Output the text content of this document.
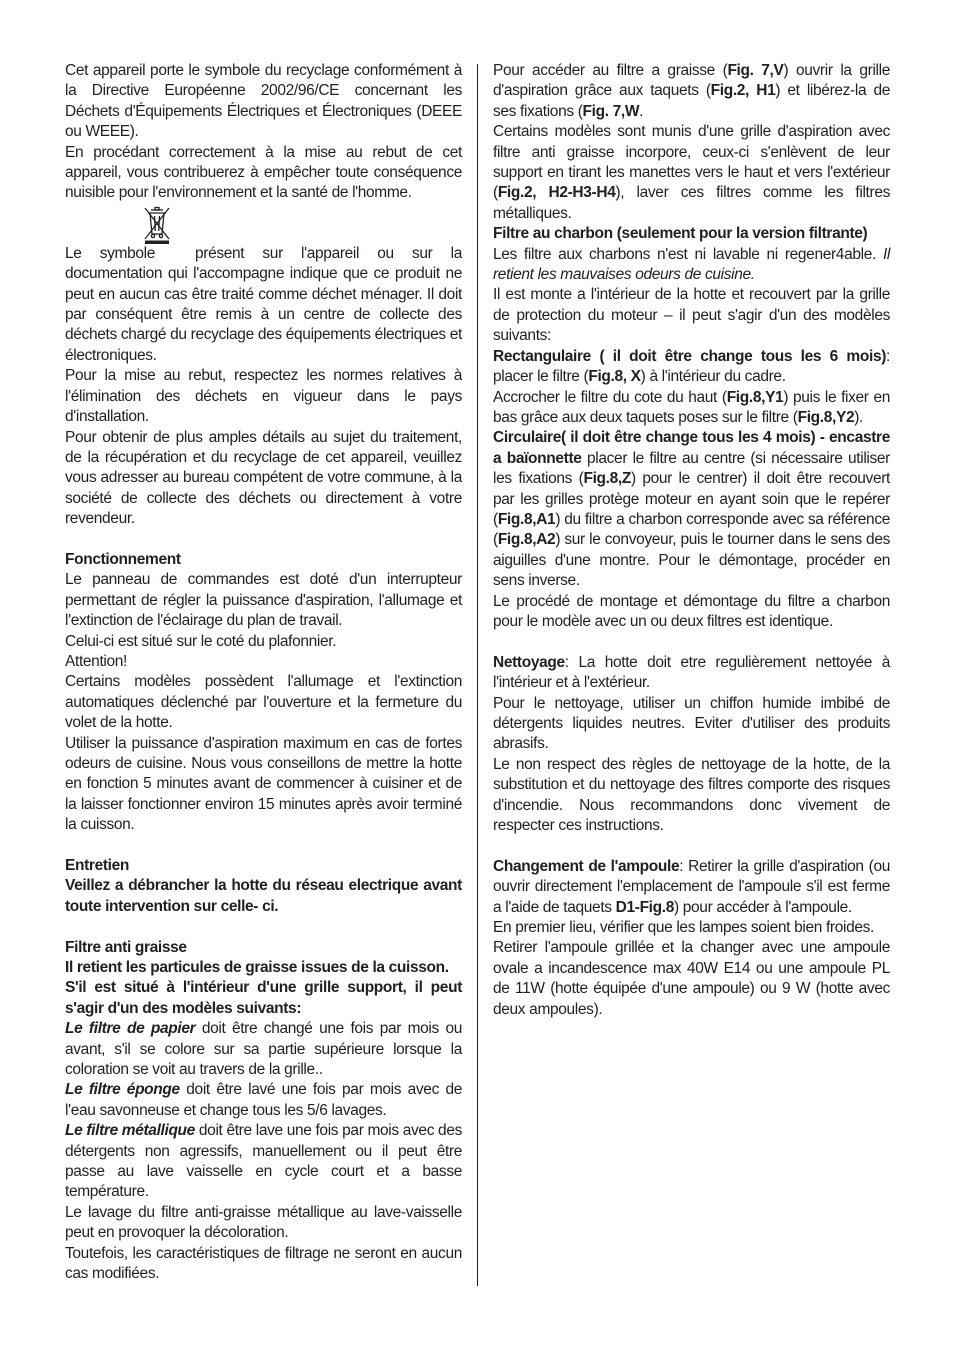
Cet appareil porte le symbole du recyclage conformément à la Directive Européenne 2002/96/CE concernant les Déchets d'Équipements Électriques et Électroniques (DEEE ou WEEE).

En procédant correctement à la mise au rebut de cet appareil, vous contribuerez à empêcher toute conséquence nuisible pour l'environnement et la santé de l'homme.

Le symbole	présent sur l'appareil ou sur la documentation qui l'accompagne indique que ce produit ne peut en aucun cas être traité comme déchet ménager. Il doit par conséquent être remis à un centre de collecte des déchets chargé du recyclage des équipements électriques et électroniques.

Pour la mise au rebut, respectez les normes relatives à l'élimination des déchets en vigueur dans le pays d'installation.

Pour obtenir de plus amples détails au sujet du traitement, de la récupération et du recyclage de cet appareil, veuillez vous adresser au bureau compétent de votre commune, à la société de collecte des déchets ou directement à votre revendeur.

Fonctionnement

Le panneau de commandes est doté d'un interrupteur permettant de régler la puissance d'aspiration, l'allumage et l'extinction de l'éclairage du plan de travail.

Celui-ci est situé sur le coté du plafonnier.

Attention!

Certains modèles possèdent l'allumage et l'extinction automatiques déclenché par l'ouverture et la fermeture du volet de la hotte.

Utiliser la puissance d'aspiration maximum en cas de fortes odeurs de cuisine. Nous vous conseillons de mettre la hotte en fonction 5 minutes avant de commencer à cuisiner et de la laisser fonctionner environ 15 minutes après avoir terminé la cuisson.

Entretien

Veillez a débrancher la hotte du réseau electrique avant toute intervention sur celle- ci.

Filtre anti graisse

Il retient les particules de graisse issues de la cuisson.

S'il est situé à l'intérieur d'une grille support, il peut s'agir d'un des modèles suivants:

Le filtre de papier doit être changé une fois par mois ou avant, s'il se colore sur sa partie supérieure lorsque la coloration se voit au travers de la grille..

Le filtre éponge doit être lavé une fois par mois avec de l'eau savonneuse et change tous les 5/6 lavages.

Le filtre métallique doit être lave une fois par mois avec des détergents non agressifs, manuellement ou il peut être passe au lave vaisselle en cycle court et a basse température.

Le lavage du filtre anti-graisse métallique au lave-vaisselle peut en provoquer la décoloration.

Toutefois, les caractéristiques de filtrage ne seront en aucun cas modifiées.

Pour accéder au filtre a graisse (Fig. 7,V) ouvrir la grille d'aspiration grâce aux taquets (Fig.2, H1) et libérez-la de ses fixations (Fig. 7,W.

Certains modèles sont munis d'une grille d'aspiration avec filtre anti graisse incorpore, ceux-ci s'enlèvent de leur support en tirant les manettes vers le haut et vers l'extérieur (Fig.2, H2-H3-H4), laver ces filtres comme les filtres métalliques.

Filtre au charbon (seulement pour la version filtrante)

Les filtre aux charbons n'est ni lavable ni regener4able. Il retient les mauvaises odeurs de cuisine.

Il est monte a l'intérieur de la hotte et recouvert par la grille de protection du moteur – il peut s'agir d'un des modèles suivants:

Rectangulaire ( il doit être change tous les 6 mois): placer le filtre (Fig.8, X) à l'intérieur du cadre.

Accrocher le filtre du cote du haut (Fig.8,Y1) puis le fixer en bas grâce aux deux taquets poses sur le filtre (Fig.8,Y2).

Circulaire( il doit être change tous les 4 mois) - encastre a baïonnette placer le filtre au centre (si nécessaire utiliser les fixations (Fig.8,Z) pour le centrer) il doit être recouvert par les grilles protège moteur en ayant soin que le repérer (Fig.8,A1) du filtre a charbon corresponde avec sa référence (Fig.8,A2) sur le convoyeur, puis le tourner dans le sens des aiguilles d'une montre. Pour le démontage, procéder en sens inverse.

Le procédé de montage et démontage du filtre a charbon pour le modèle avec un ou deux filtres est identique.

Nettoyage: La hotte doit etre regulièrement nettoyée à l'intérieur et à l'extérieur.

Pour le nettoyage, utiliser un chiffon humide imbibé de détergents liquides neutres. Eviter d'utiliser des produits abrasifs.

Le non respect des règles de nettoyage de la hotte, de la substitution et du nettoyage des filtres comporte des risques d'incendie. Nous recommandons donc vivement de respecter ces instructions.

Changement de l'ampoule: Retirer la grille d'aspiration (ou ouvrir directement l'emplacement de l'ampoule s'il est ferme a l'aide de taquets D1-Fig.8) pour accéder à l'ampoule.

En premier lieu, vérifier que les lampes soient bien froides.

Retirer l'ampoule grillée et la changer avec une ampoule ovale a incandescence max 40W E14 ou une ampoule PL de 11W (hotte équipée d'une ampoule) ou 9 W (hotte avec deux ampoules).
